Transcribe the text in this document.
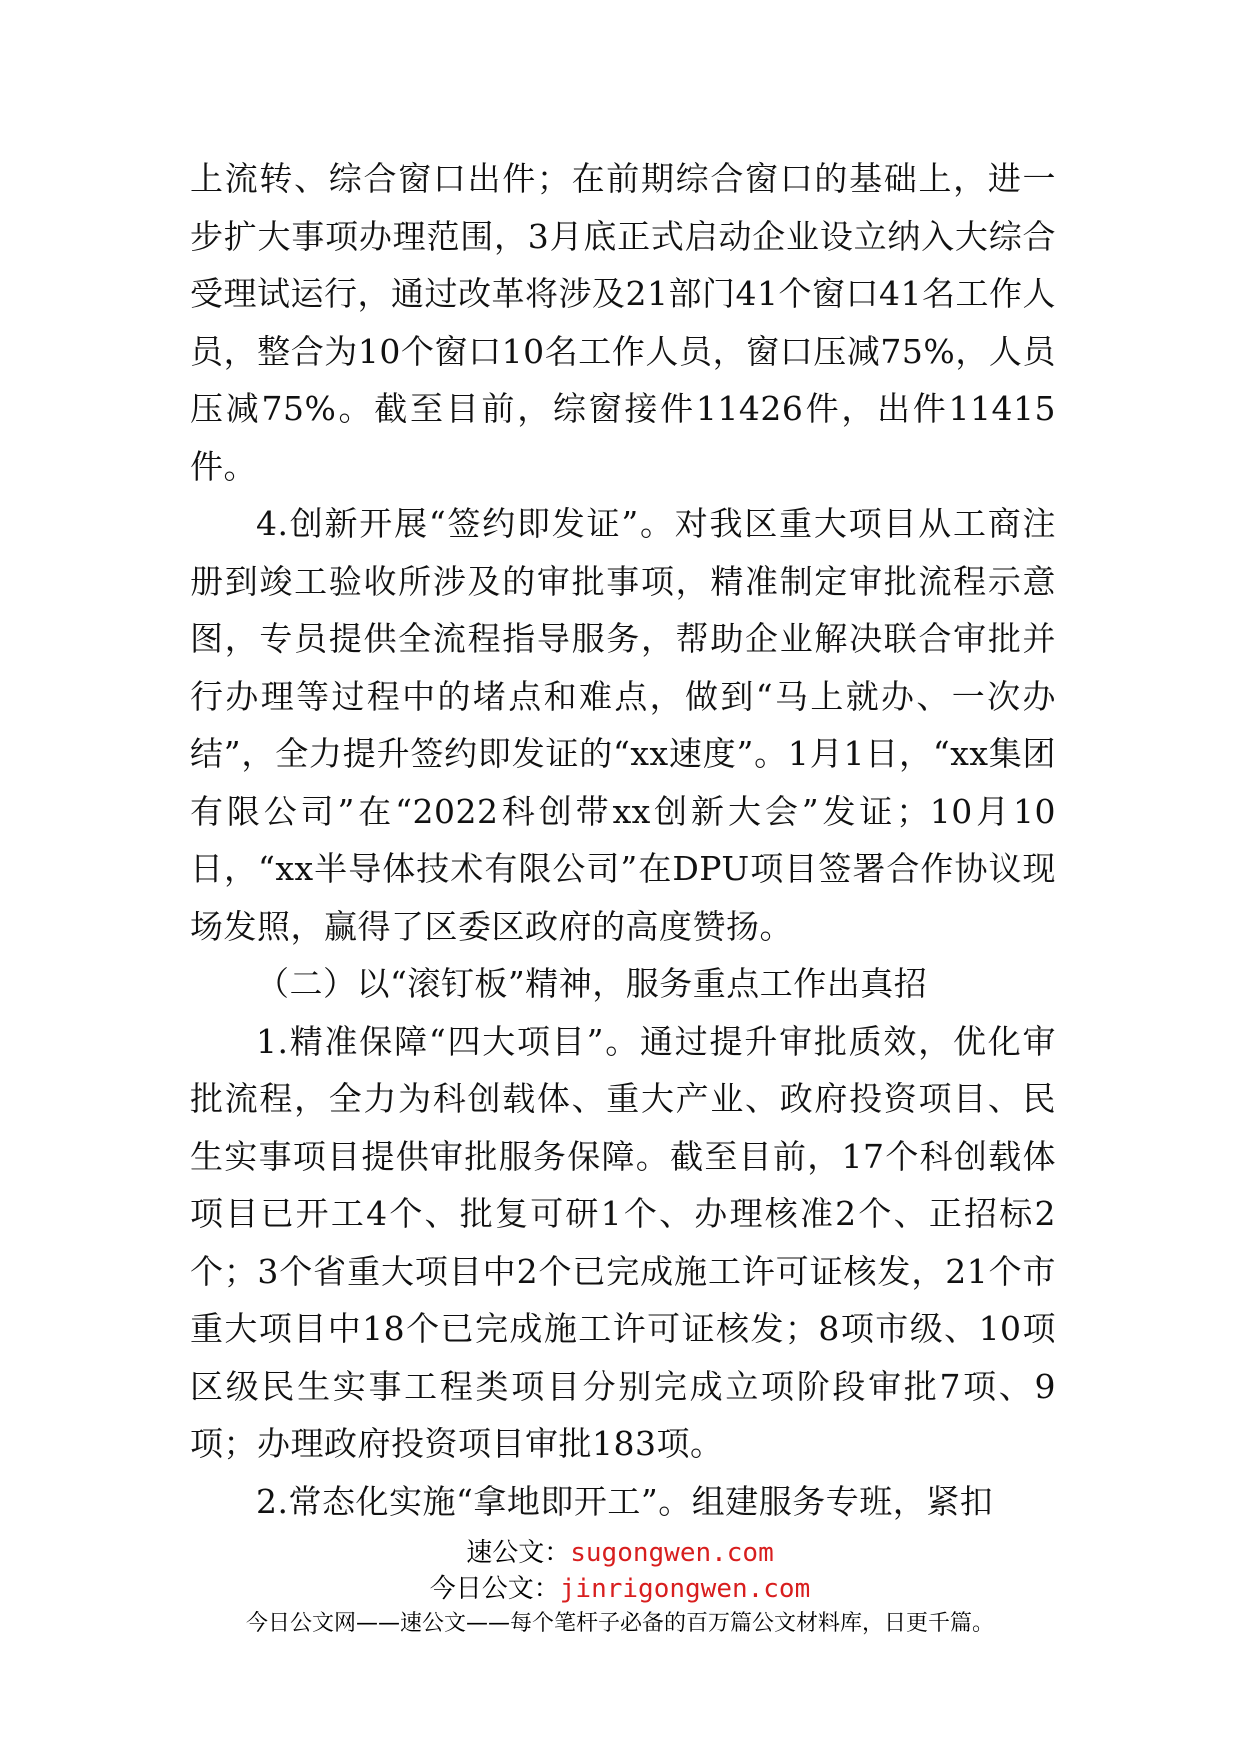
上流转、综合窗口出件；在前期综合窗口的基础上，进一步扩大事项办理范围，3月底正式启动企业设立纳入大综合受理试运行，通过改革将涉及21部门41个窗口41名工作人员，整合为10个窗口10名工作人员，窗口压减75%，人员压减75%。截至目前，综窗接件11426件，出件11415件。

4.创新开展“签约即发证”。对我区重大项目从工商注册到竣工验收所涉及的审批事项，精准制定审批流程示意图，专员提供全流程指导服务，帮助企业解决联合审批并行办理等过程中的堵点和难点，做到“马上就办、一次办结”，全力提升签约即发证的“xx速度”。1月1日，“xx集团有限公司”在“2022科创带xx创新大会”发证；10月10日，“xx半导体技术有限公司”在DPU项目签署合作协议现场发照，赢得了区委区政府的高度赞扬。

（二）以“滚钉板”精神，服务重点工作出真招

1.精准保障“四大项目”。通过提升审批质效，优化审批流程，全力为科创载体、重大产业、政府投资项目、民生实事项目提供审批服务保障。截至目前，17个科创载体项目已开工4个、批复可研1个、办理核准2个、正招标2个；3个省重大项目中2个已完成施工许可证核发，21个市重大项目中18个已完成施工许可证核发；8项市级、10项区级民生实事工程类项目分别完成立项阶段审批7项、9项；办理政府投资项目审批183项。

2.常态化实施“拿地即开工”。组建服务专班，紧扣

速公文：sugongwen.com
今日公文：jinrigongwen.com
今日公文网——速公文——每个笔杆子必备的百万篇公文材料库，日更千篇。
